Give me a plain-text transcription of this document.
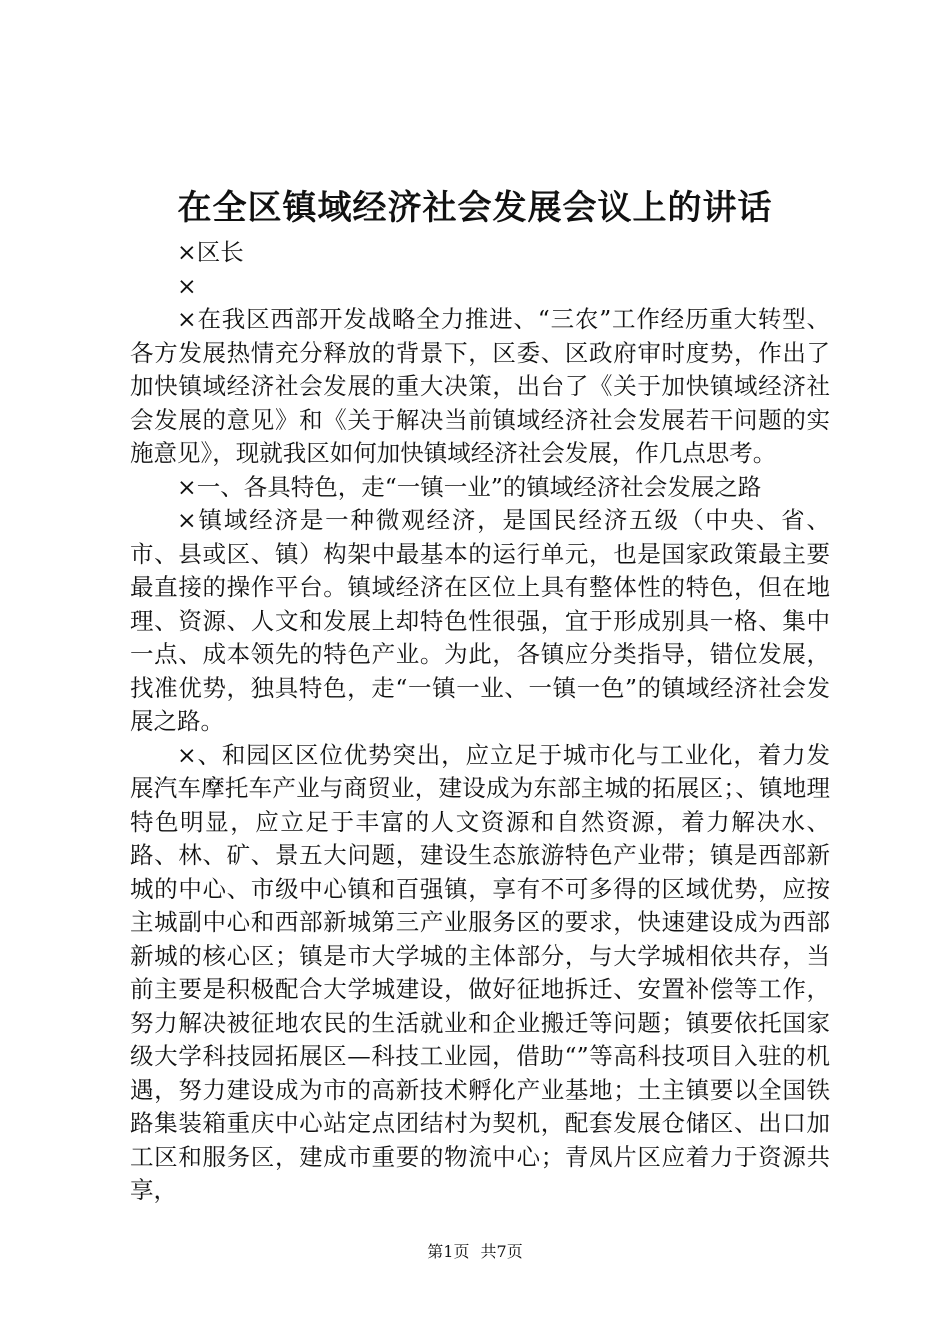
在全区镇域经济社会发展会议上的讲话

×区长

×

×在我区西部开发战略全力推进、“三农”工作经历重大转型、各方发展热情充分释放的背景下，区委、区政府审时度势，作出了加快镇域经济社会发展的重大决策，出台了《关于加快镇域经济社会发展的意见》和《关于解决当前镇域经济社会发展若干问题的实施意见》，现就我区如何加快镇域经济社会发展，作几点思考。

×一、各具特色，走“一镇一业”的镇域经济社会发展之路

×镇域经济是一种微观经济，是国民经济五级（中央、省、市、县或区、镇）构架中最基本的运行单元，也是国家政策最主要最直接的操作平台。镇域经济在区位上具有整体性的特色，但在地理、资源、人文和发展上却特色性很强，宜于形成别具一格、集中一点、成本领先的特色产业。为此，各镇应分类指导，错位发展，找准优势，独具特色，走“一镇一业、一镇一色”的镇域经济社会发展之路。

×、和园区区位优势突出，应立足于城市化与工业化，着力发展汽车摩托车产业与商贸业，建设成为东部主城的拓展区；、镇地理特色明显，应立足于丰富的人文资源和自然资源，着力解决水、路、林、矿、景五大问题，建设生态旅游特色产业带；镇是西部新城的中心、市级中心镇和百强镇，享有不可多得的区域优势，应按主城副中心和西部新城第三产业服务区的要求，快速建设成为西部新城的核心区；镇是市大学城的主体部分，与大学城相依共存，当前主要是积极配合大学城建设，做好征地拆迁、安置补偿等工作，努力解决被征地农民的生活就业和企业搬迁等问题；镇要依托国家级大学科技园拓展区—科技工业园，借助“”等高科技项目入驻的机遇，努力建设成为市的高新技术孵化产业基地；土主镇要以全国铁路集装箱重庆中心站定点团结村为契机，配套发展仓储区、出口加工区和服务区，建成市重要的物流中心；青凤片区应着力于资源共享，

第1页 共7页
